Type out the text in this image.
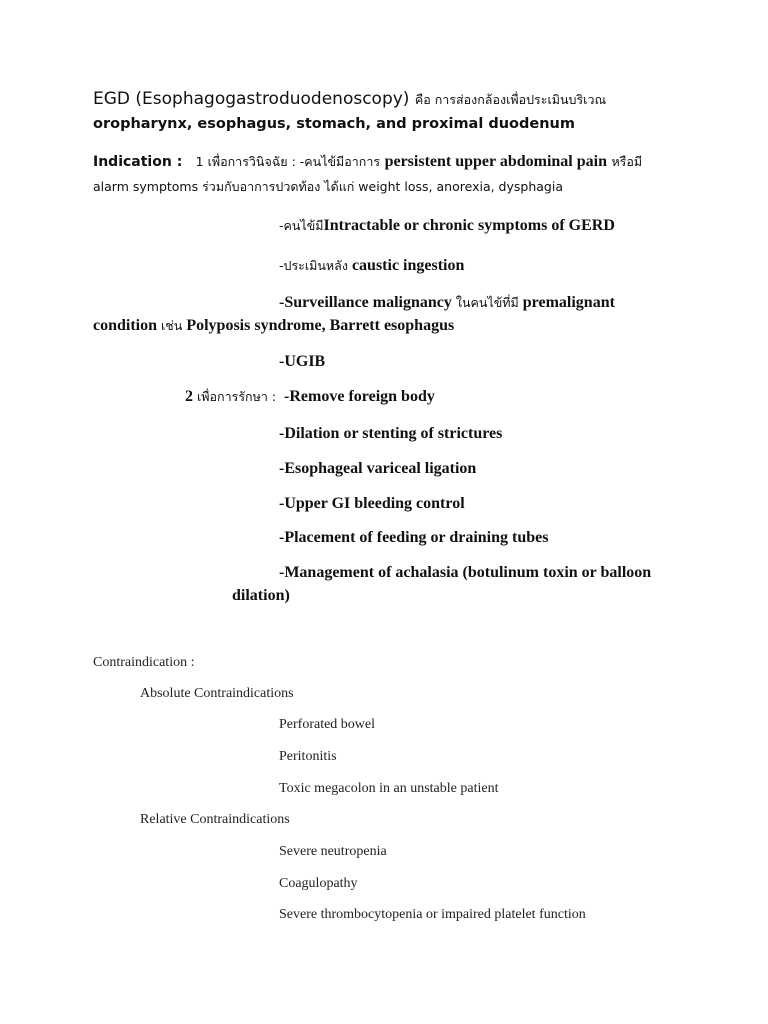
EGD (Esophagogastroduodenoscopy) คือ การส่องกล้องเพื่อประเมินบริเวณ
oropharynx, esophagus, stomach, and proximal duodenum
Indication : 1 เพื่อการวินิจฉัย : -คนไข้มีอาการ persistent upper abdominal pain หรือมี
alarm symptoms ร่วมกับอาการปวดท้อง ได้แก่ weight loss, anorexia, dysphagia
-คนไข้มีIntractable or chronic symptoms of GERD
-ประเมินหลัง caustic ingestion
-Surveillance malignancy ในคนไข้ที่มี premalignant
condition เช่น Polyposis syndrome, Barrett esophagus
-UGIB
2 เพื่อการรักษา : -Remove foreign body
-Dilation or stenting of strictures
-Esophageal variceal ligation
-Upper GI bleeding control
-Placement of feeding or draining tubes
-Management of achalasia (botulinum toxin or balloon
dilation)
Contraindication :
Absolute Contraindications
Perforated bowel
Peritonitis
Toxic megacolon in an unstable patient
Relative Contraindications
Severe neutropenia
Coagulopathy
Severe thrombocytopenia or impaired platelet function
